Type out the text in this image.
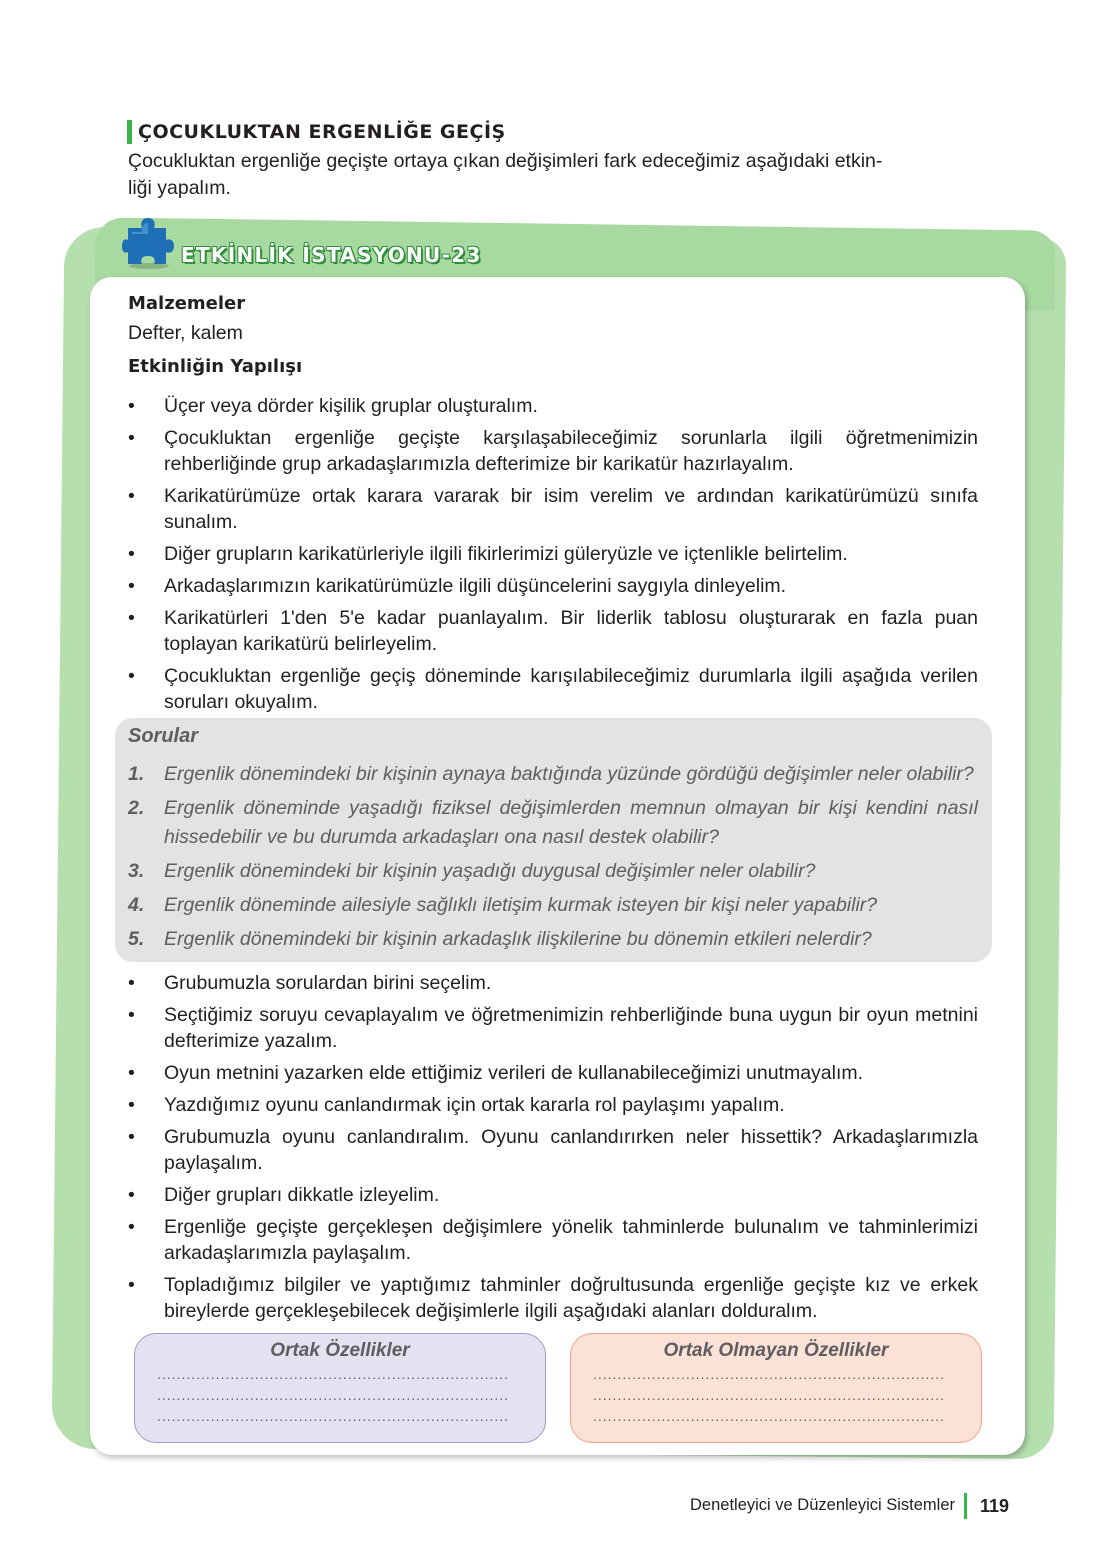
ÇOCUKLUKTAN ERGENLİĞE GEÇİŞ

Çocukluktan ergenliğe geçişte ortaya çıkan değişimleri fark edeceğimiz aşağıdaki etkin-
liği yapalım.

ETKİNLİK İSTASYONU-23
Malzemeler

Defter, kalem

Etkinliğin Yapılışı
• Üçer veya dörder kişilik gruplar oluşturalım.
• Çocukluktan ergenliğe geçişte karşılaşabileceğimiz sorunlarla ilgili öğretmenimizin rehberliğinde grup arkadaşlarımızla defterimize bir karikatür hazırlayalım.
• Karikatürümüze ortak karara vararak bir isim verelim ve ardından karikatürümüzü sınıfa sunalım.
• Diğer grupların karikatürleriyle ilgili fikirlerimizi güleryüzle ve içtenlikle belirtelim.
• Arkadaşlarımızın karikatürümüzle ilgili düşüncelerini saygıyla dinleyelim.
• Karikatürleri 1'den 5'e kadar puanlayalım. Bir liderlik tablosu oluşturarak en fazla puan toplayan karikatürü belirleyelim.
• Çocukluktan ergenliğe geçiş döneminde karışılabileceğimiz durumlarla ilgili aşağıda verilen soruları okuyalım.
Sorular
1. Ergenlik dönemindeki bir kişinin aynaya baktığında yüzünde gördüğü değişimler neler olabilir?
2. Ergenlik döneminde yaşadığı fiziksel değişimlerden memnun olmayan bir kişi kendini nasıl hissedebilir ve bu durumda arkadaşları ona nasıl destek olabilir?
3. Ergenlik dönemindeki bir kişinin yaşadığı duygusal değişimler neler olabilir?
4. Ergenlik döneminde ailesiyle sağlıklı iletişim kurmak isteyen bir kişi neler yapabilir?
5. Ergenlik dönemindeki bir kişinin arkadaşlık ilişkilerine bu dönemin etkileri nelerdir?
• Grubumuzla sorulardan birini seçelim.
• Seçtiğimiz soruyu cevaplayalım ve öğretmenimizin rehberliğinde buna uygun bir oyun metnini defterimize yazalım.
• Oyun metnini yazarken elde ettiğimiz verileri de kullanabileceğimizi unutmayalım.
• Yazdığımız oyunu canlandırmak için ortak kararla rol paylaşımı yapalım.
• Grubumuzla oyunu canlandıralım. Oyunu canlandırırken neler hissettik? Arkadaşlarımızla paylaşalım.
• Diğer grupları dikkatle izleyelim.
• Ergenliğe geçişte gerçekleşen değişimlere yönelik tahminlerde bulunalım ve tahminlerimizi arkadaşlarımızla paylaşalım.
• Topladığımız bilgiler ve yaptığımız tahminler doğrultusunda ergenliğe geçişte kız ve erkek bireylerde gerçekleşebilecek değişimlerle ilgili aşağıdaki alanları dolduralım.
Ortak Özellikler
........................................................................
........................................................................
........................................................................
Ortak Olmayan Özellikler
........................................................................
........................................................................
........................................................................

Denetleyici ve Düzenleyici Sistemler 119
